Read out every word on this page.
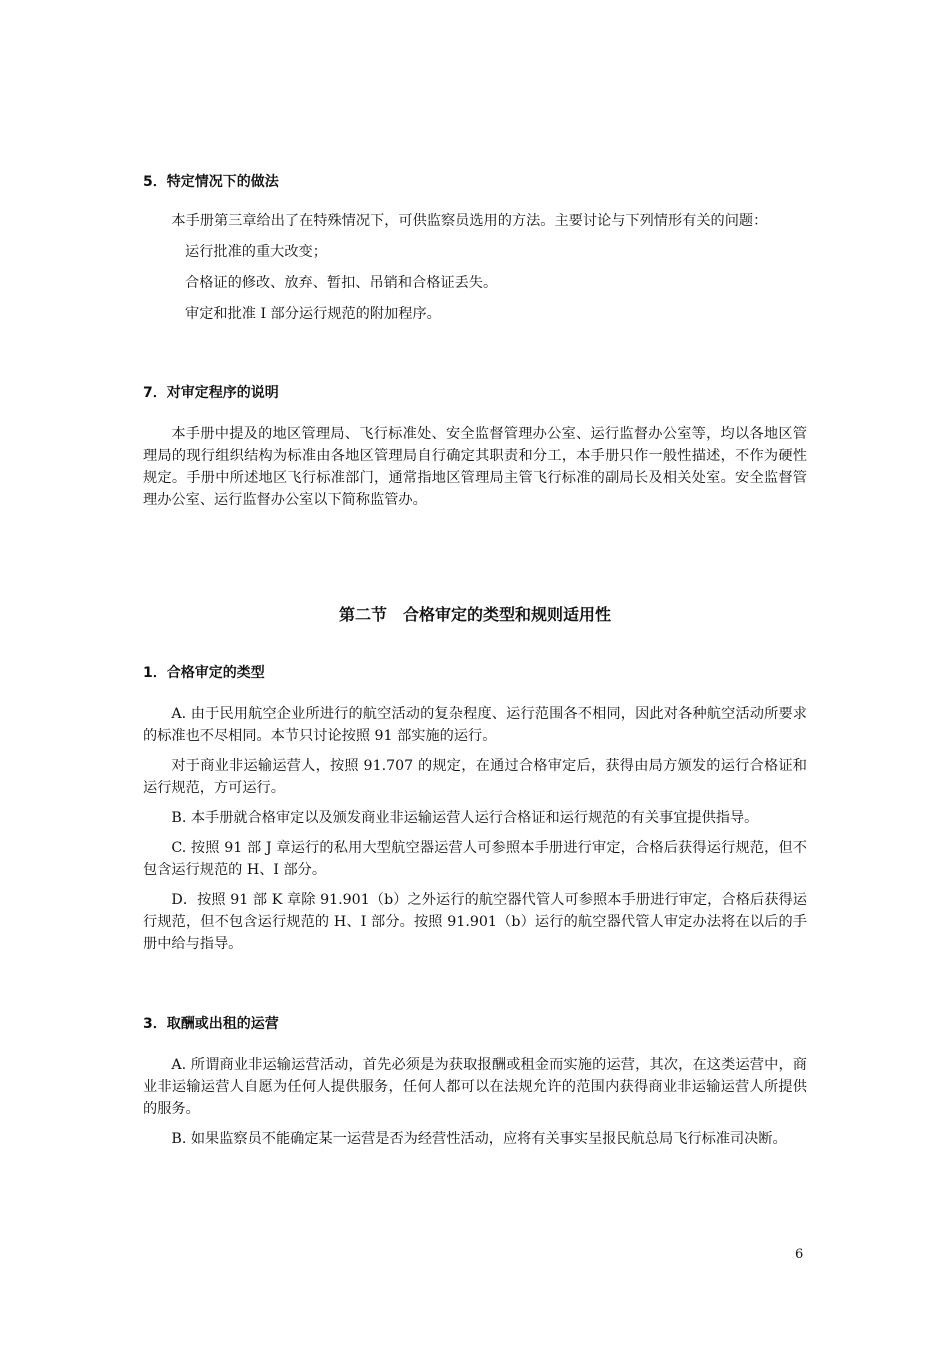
5．特定情况下的做法

本手册第三章给出了在特殊情况下，可供监察员选用的方法。主要讨论与下列情形有关的问题：

运行批准的重大改变；

合格证的修改、放弃、暂扣、吊销和合格证丢失。

审定和批准 I 部分运行规范的附加程序。

7．对审定程序的说明

本手册中提及的地区管理局、飞行标准处、安全监督管理办公室、运行监督办公室等，均以各地区管理局的现行组织结构为标准由各地区管理局自行确定其职责和分工，本手册只作一般性描述，不作为硬性规定。手册中所述地区飞行标准部门，通常指地区管理局主管飞行标准的副局长及相关处室。安全监督管理办公室、运行监督办公室以下简称监管办。

第二节　合格审定的类型和规则适用性

1．合格审定的类型

A. 由于民用航空企业所进行的航空活动的复杂程度、运行范围各不相同，因此对各种航空活动所要求的标准也不尽相同。本节只讨论按照 91 部实施的运行。

对于商业非运输运营人，按照 91.707 的规定，在通过合格审定后，获得由局方颁发的运行合格证和运行规范，方可运行。

B. 本手册就合格审定以及颁发商业非运输运营人运行合格证和运行规范的有关事宜提供指导。

C. 按照 91 部 J 章运行的私用大型航空器运营人可参照本手册进行审定，合格后获得运行规范，但不包含运行规范的 H、I 部分。

D．按照 91 部 K 章除 91.901（b）之外运行的航空器代管人可参照本手册进行审定，合格后获得运行规范，但不包含运行规范的 H、I 部分。按照 91.901（b）运行的航空器代管人审定办法将在以后的手册中给与指导。

3．取酬或出租的运营

A. 所谓商业非运输运营活动，首先必须是为获取报酬或租金而实施的运营，其次，在这类运营中，商业非运输运营人自愿为任何人提供服务，任何人都可以在法规允许的范围内获得商业非运输运营人所提供的服务。

B. 如果监察员不能确定某一运营是否为经营性活动，应将有关事实呈报民航总局飞行标准司决断。

6
